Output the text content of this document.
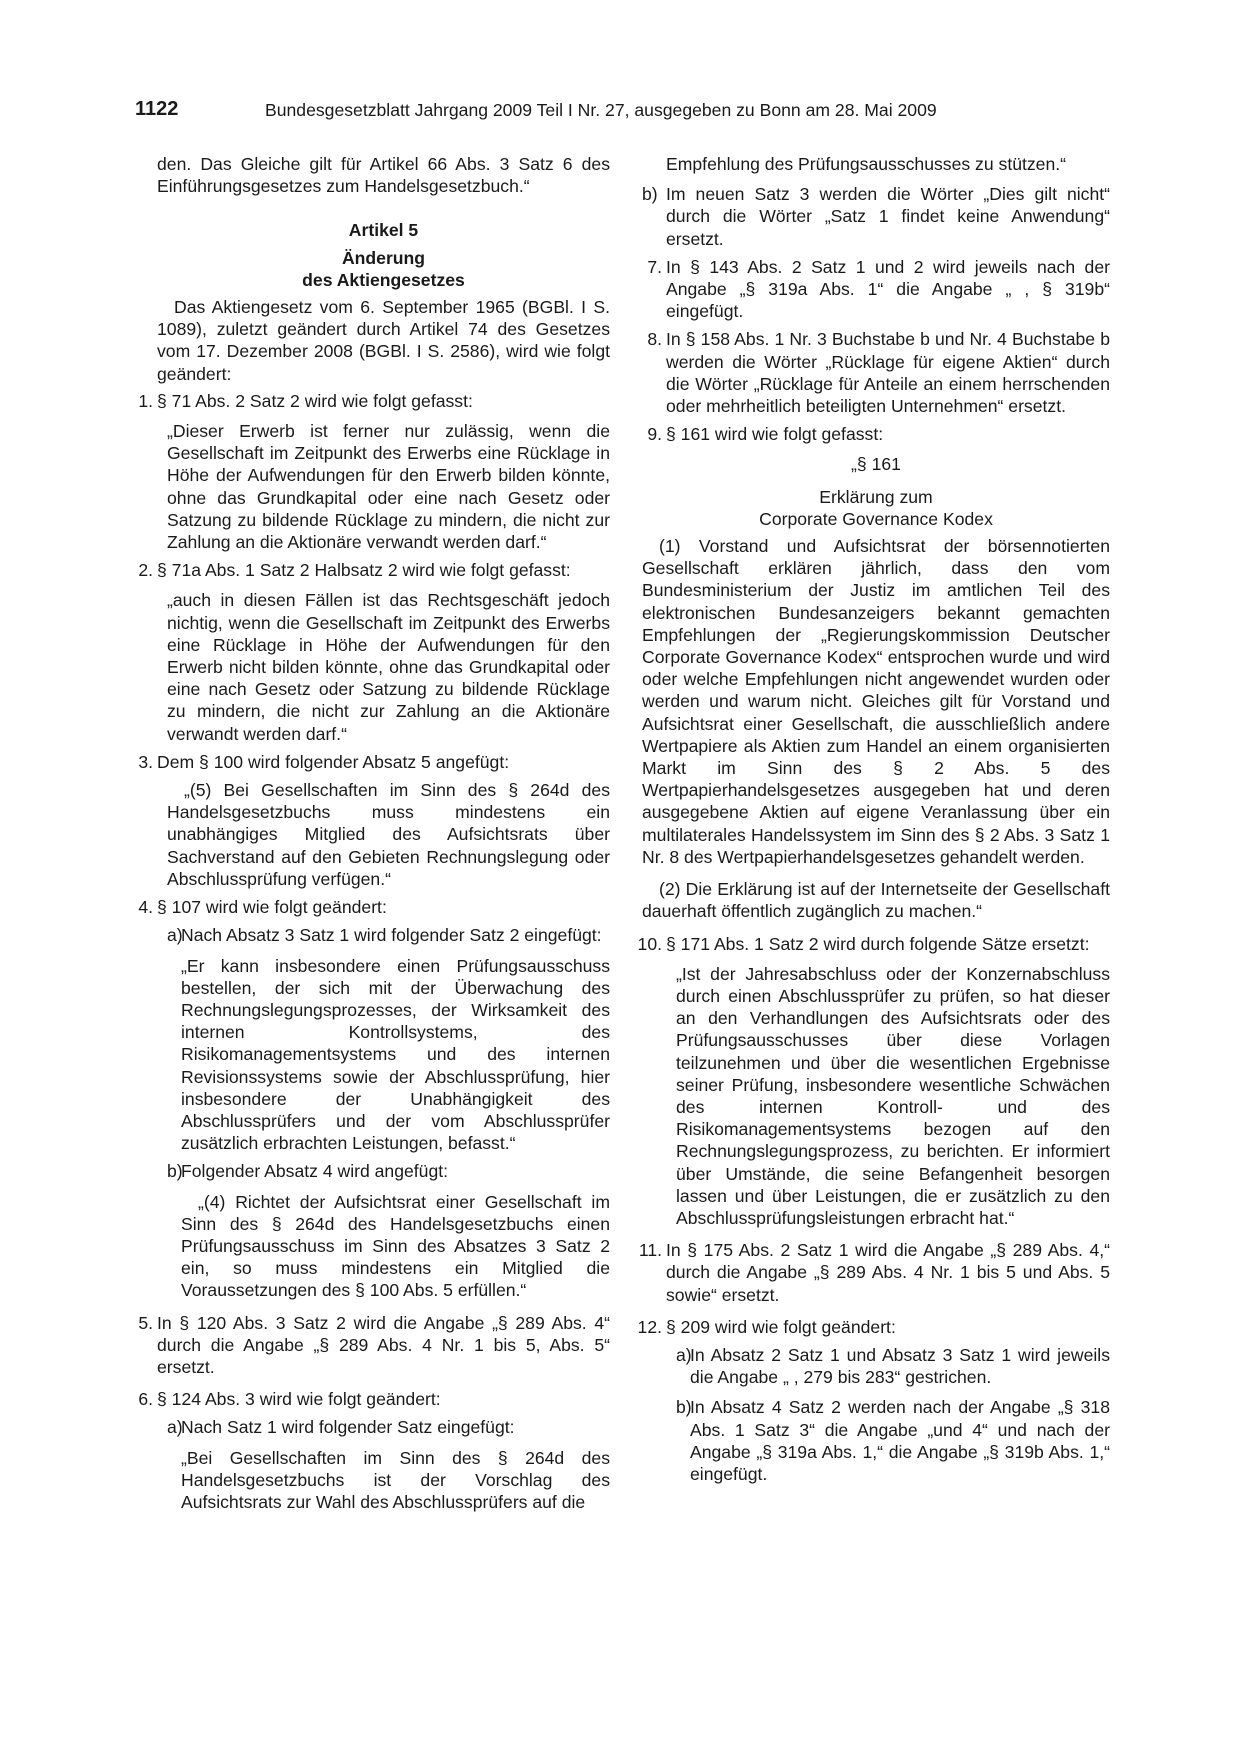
1122	Bundesgesetzblatt Jahrgang 2009 Teil I Nr. 27, ausgegeben zu Bonn am 28. Mai 2009

den. Das Gleiche gilt für Artikel 66 Abs. 3 Satz 6 des Einführungsgesetzes zum Handelsgesetzbuch.“

Artikel 5

Änderung

des Aktiengesetzes

Das Aktiengesetz vom 6. September 1965 (BGBl. I S. 1089), zuletzt geändert durch Artikel 74 des Gesetzes vom 17. Dezember 2008 (BGBl. I S. 2586), wird wie folgt geändert:

1. § 71 Abs. 2 Satz 2 wird wie folgt gefasst:

„Dieser Erwerb ist ferner nur zulässig, wenn die Gesellschaft im Zeitpunkt des Erwerbs eine Rücklage in Höhe der Aufwendungen für den Erwerb bilden könnte, ohne das Grundkapital oder eine nach Gesetz oder Satzung zu bildende Rücklage zu mindern, die nicht zur Zahlung an die Aktionäre verwandt werden darf.“

2. § 71a Abs. 1 Satz 2 Halbsatz 2 wird wie folgt gefasst:

„auch in diesen Fällen ist das Rechtsgeschäft jedoch nichtig, wenn die Gesellschaft im Zeitpunkt des Erwerbs eine Rücklage in Höhe der Aufwendungen für den Erwerb nicht bilden könnte, ohne das Grundkapital oder eine nach Gesetz oder Satzung zu bildende Rücklage zu mindern, die nicht zur Zahlung an die Aktionäre verwandt werden darf.“

3. Dem § 100 wird folgender Absatz 5 angefügt:

„(5) Bei Gesellschaften im Sinn des § 264d des Handelsgesetzbuchs muss mindestens ein unabhängiges Mitglied des Aufsichtsrats über Sachverstand auf den Gebieten Rechnungslegung oder Abschlussprüfung verfügen.“

4. § 107 wird wie folgt geändert:

a)

Nach Absatz 3 Satz 1 wird folgender Satz 2 eingefügt:

„Er kann insbesondere einen Prüfungsausschuss bestellen, der sich mit der Überwachung des Rechnungslegungsprozesses, der Wirksamkeit des internen Kontrollsystems, des Risikomanagementsystems und des internen Revisionssystems sowie der Abschlussprüfung, hier insbesondere der Unabhängigkeit des Abschlussprüfers und der vom Abschlussprüfer zusätzlich erbrachten Leistungen, befasst.“

b)

Folgender Absatz 4 wird angefügt:

„(4) Richtet der Aufsichtsrat einer Gesellschaft im Sinn des § 264d des Handelsgesetzbuchs einen Prüfungsausschuss im Sinn des Absatzes 3 Satz 2 ein, so muss mindestens ein Mitglied die Voraussetzungen des § 100 Abs. 5 erfüllen.“

5. In § 120 Abs. 3 Satz 2 wird die Angabe „§ 289 Abs. 4“ durch die Angabe „§ 289 Abs. 4 Nr. 1 bis 5, Abs. 5“ ersetzt.

6. § 124 Abs. 3 wird wie folgt geändert:

a)

Nach Satz 1 wird folgender Satz eingefügt:

„Bei Gesellschaften im Sinn des § 264d des Handelsgesetzbuchs ist der Vorschlag des Aufsichtsrats zur Wahl des Abschlussprüfers auf die

Empfehlung des Prüfungsausschusses zu stützen.“

b) Im neuen Satz 3 werden die Wörter „Dies gilt nicht“ durch die Wörter „Satz 1 findet keine Anwendung“ ersetzt.

7. In § 143 Abs. 2 Satz 1 und 2 wird jeweils nach der Angabe „§ 319a Abs. 1“ die Angabe „ , § 319b“ eingefügt.

8. In § 158 Abs. 1 Nr. 3 Buchstabe b und Nr. 4 Buchstabe b werden die Wörter „Rücklage für eigene Aktien“ durch die Wörter „Rücklage für Anteile an einem herrschenden oder mehrheitlich beteiligten Unternehmen“ ersetzt.

9. § 161 wird wie folgt gefasst:

„§ 161

Erklärung zum

Corporate Governance Kodex

(1) Vorstand und Aufsichtsrat der börsennotierten Gesellschaft erklären jährlich, dass den vom Bundesministerium der Justiz im amtlichen Teil des elektronischen Bundesanzeigers bekannt gemachten Empfehlungen der „Regierungskommission Deutscher Corporate Governance Kodex“ entsprochen wurde und wird oder welche Empfehlungen nicht angewendet wurden oder werden und warum nicht. Gleiches gilt für Vorstand und Aufsichtsrat einer Gesellschaft, die ausschließlich andere Wertpapiere als Aktien zum Handel an einem organisierten Markt im Sinn des § 2 Abs. 5 des Wertpapierhandelsgesetzes ausgegeben hat und deren ausgegebene Aktien auf eigene Veranlassung über ein multilaterales Handelssystem im Sinn des § 2 Abs. 3 Satz 1 Nr. 8 des Wertpapierhandelsgesetzes gehandelt werden.

(2) Die Erklärung ist auf der Internetseite der Gesellschaft dauerhaft öffentlich zugänglich zu machen.“

10. § 171 Abs. 1 Satz 2 wird durch folgende Sätze ersetzt:

„Ist der Jahresabschluss oder der Konzernabschluss durch einen Abschlussprüfer zu prüfen, so hat dieser an den Verhandlungen des Aufsichtsrats oder des Prüfungsausschusses über diese Vorlagen teilzunehmen und über die wesentlichen Ergebnisse seiner Prüfung, insbesondere wesentliche Schwächen des internen Kontroll- und des Risikomanagementsystems bezogen auf den Rechnungslegungsprozess, zu berichten. Er informiert über Umstände, die seine Befangenheit besorgen lassen und über Leistungen, die er zusätzlich zu den Abschlussprüfungsleistungen erbracht hat.“

11. In § 175 Abs. 2 Satz 1 wird die Angabe „§ 289 Abs. 4,“ durch die Angabe „§ 289 Abs. 4 Nr. 1 bis 5 und Abs. 5 sowie“ ersetzt.

12. § 209 wird wie folgt geändert:

a)

In Absatz 2 Satz 1 und Absatz 3 Satz 1 wird jeweils die Angabe „ , 279 bis 283“ gestrichen.

b)

In Absatz 4 Satz 2 werden nach der Angabe „§ 318 Abs. 1 Satz 3“ die Angabe „und 4“ und nach der Angabe „§ 319a Abs. 1,“ die Angabe „§ 319b Abs. 1,“ eingefügt.
